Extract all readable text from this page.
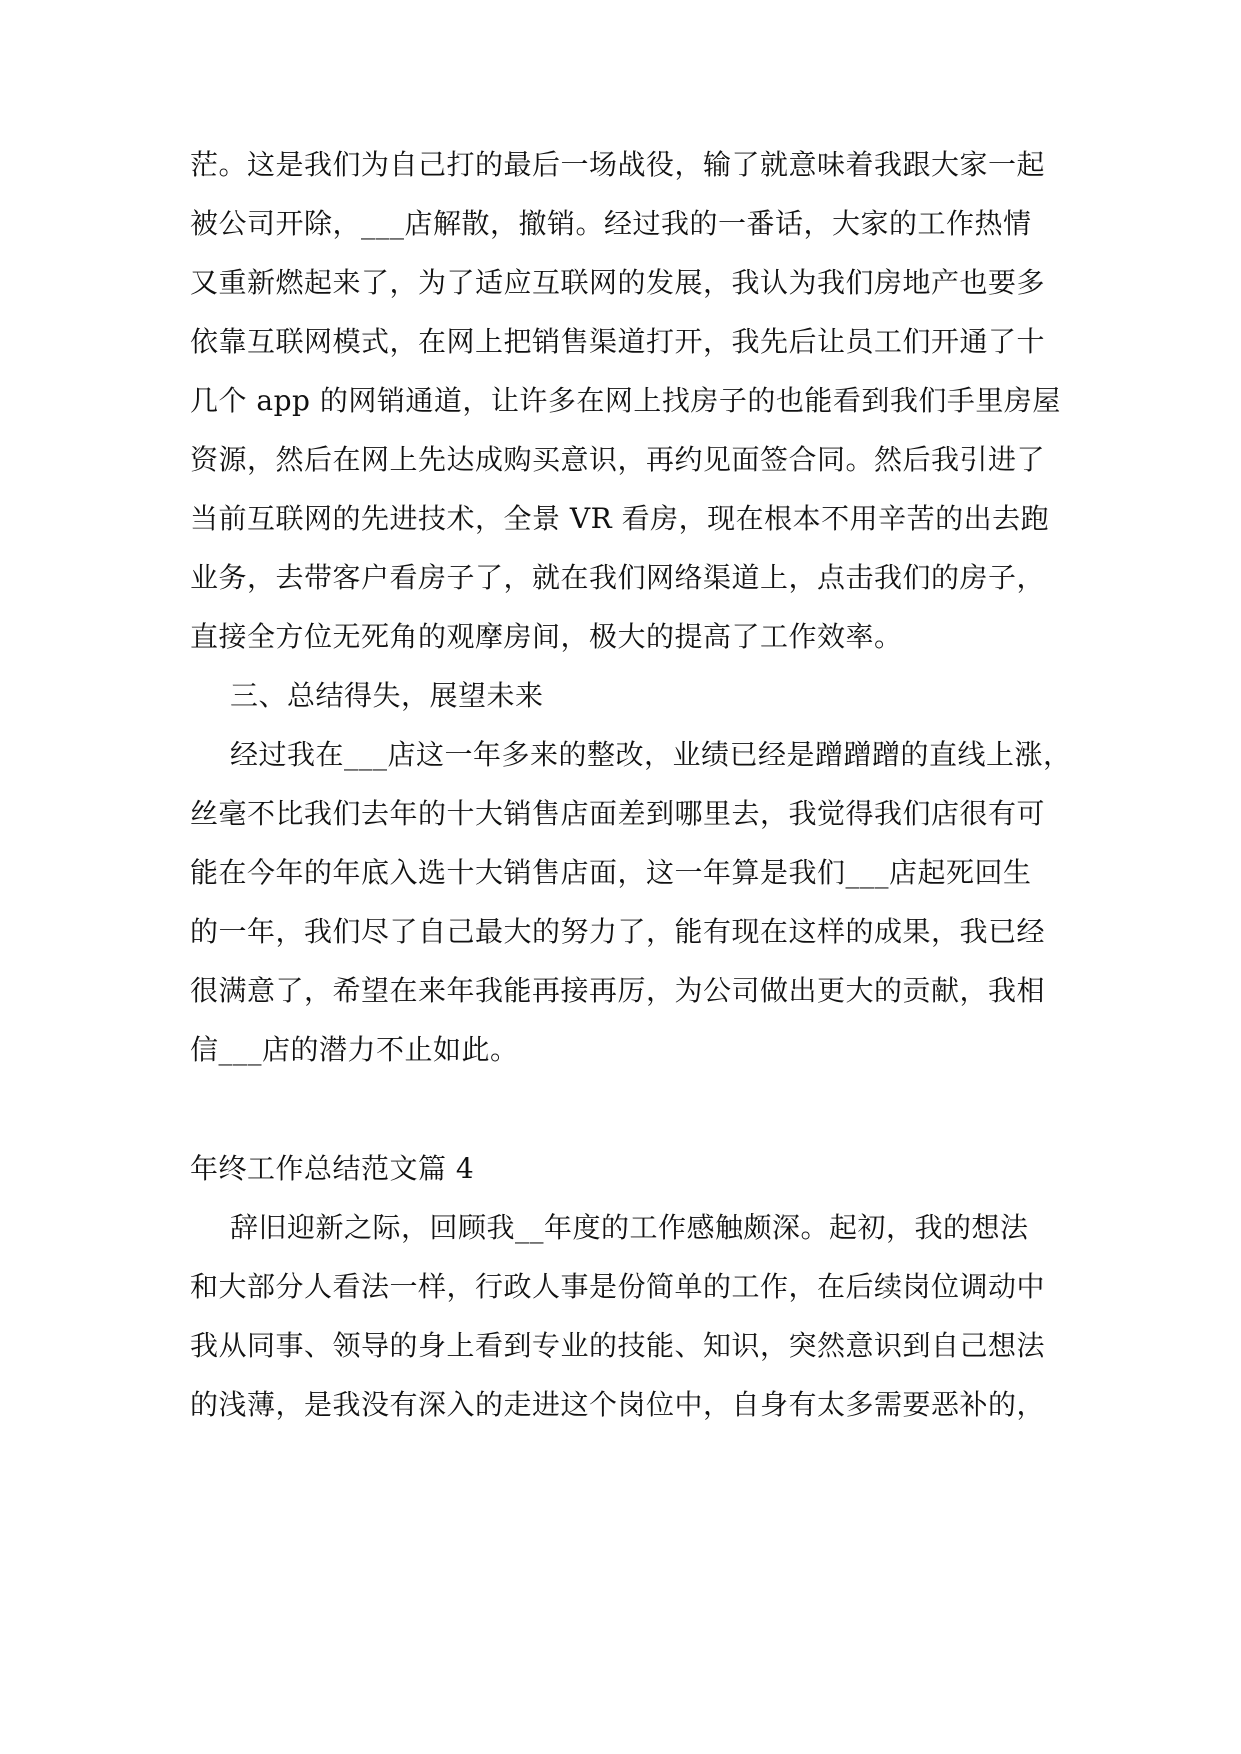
茫。这是我们为自己打的最后一场战役，输了就意味着我跟大家一起
被公司开除，___店解散，撤销。经过我的一番话，大家的工作热情
又重新燃起来了，为了适应互联网的发展，我认为我们房地产也要多
依靠互联网模式，在网上把销售渠道打开，我先后让员工们开通了十
几个 app 的网销通道，让许多在网上找房子的也能看到我们手里房屋
资源，然后在网上先达成购买意识，再约见面签合同。然后我引进了
当前互联网的先进技术，全景 VR 看房，现在根本不用辛苦的出去跑
业务，去带客户看房子了，就在我们网络渠道上，点击我们的房子，
直接全方位无死角的观摩房间，极大的提高了工作效率。
三、总结得失，展望未来
经过我在___店这一年多来的整改，业绩已经是蹭蹭蹭的直线上涨，
丝毫不比我们去年的十大销售店面差到哪里去，我觉得我们店很有可
能在今年的年底入选十大销售店面，这一年算是我们___店起死回生
的一年，我们尽了自己最大的努力了，能有现在这样的成果，我已经
很满意了，希望在来年我能再接再厉，为公司做出更大的贡献，我相
信___店的潜力不止如此。
年终工作总结范文篇 4
辞旧迎新之际，回顾我__年度的工作感触颇深。起初，我的想法
和大部分人看法一样，行政人事是份简单的工作，在后续岗位调动中
我从同事、领导的身上看到专业的技能、知识，突然意识到自己想法
的浅薄，是我没有深入的走进这个岗位中，自身有太多需要恶补的，
